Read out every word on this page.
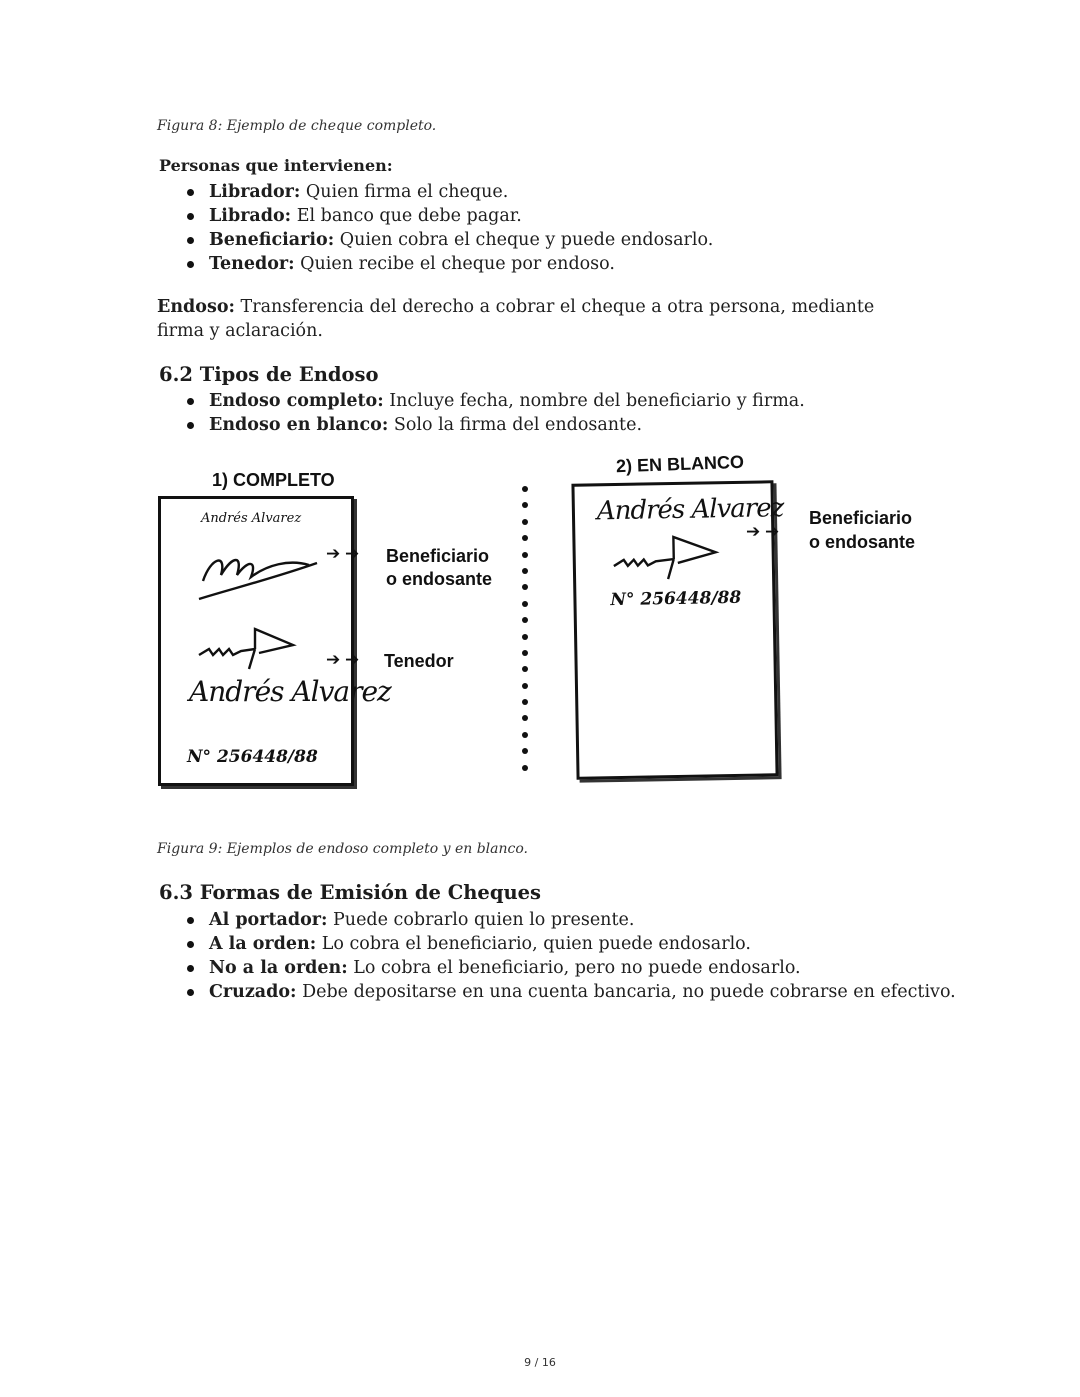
Figura 8: Ejemplo de cheque completo.

Personas que intervienen:

Librador: Quien firma el cheque.
Librado: El banco que debe pagar.
Beneficiario: Quien cobra el cheque y puede endosarlo.
Tenedor: Quien recibe el cheque por endoso.

Endoso: Transferencia del derecho a cobrar el cheque a otra persona, mediante firma y aclaración.

6.2 Tipos de Endoso
Endoso completo: Incluye fecha, nombre del beneficiario y firma.
Endoso en blanco: Solo la firma del endosante.
1) COMPLETO
Andrés Alvarez
Andrés Alvarez
N° 256448/88
➔ ➔ Beneficiario
o endosante
➔ ➔ Tenedor
2) EN BLANCO
Andrés Alvarez
N° 256448/88
➔ ➔
Beneficiario
o endosante
Figura 9: Ejemplos de endoso completo y en blanco.
6.3 Formas de Emisión de Cheques
Al portador: Puede cobrarlo quien lo presente.
A la orden: Lo cobra el beneficiario, quien puede endosarlo.
No a la orden: Lo cobra el beneficiario, pero no puede endosarlo.
Cruzado: Debe depositarse en una cuenta bancaria, no puede cobrarse en efectivo.
9 / 16
